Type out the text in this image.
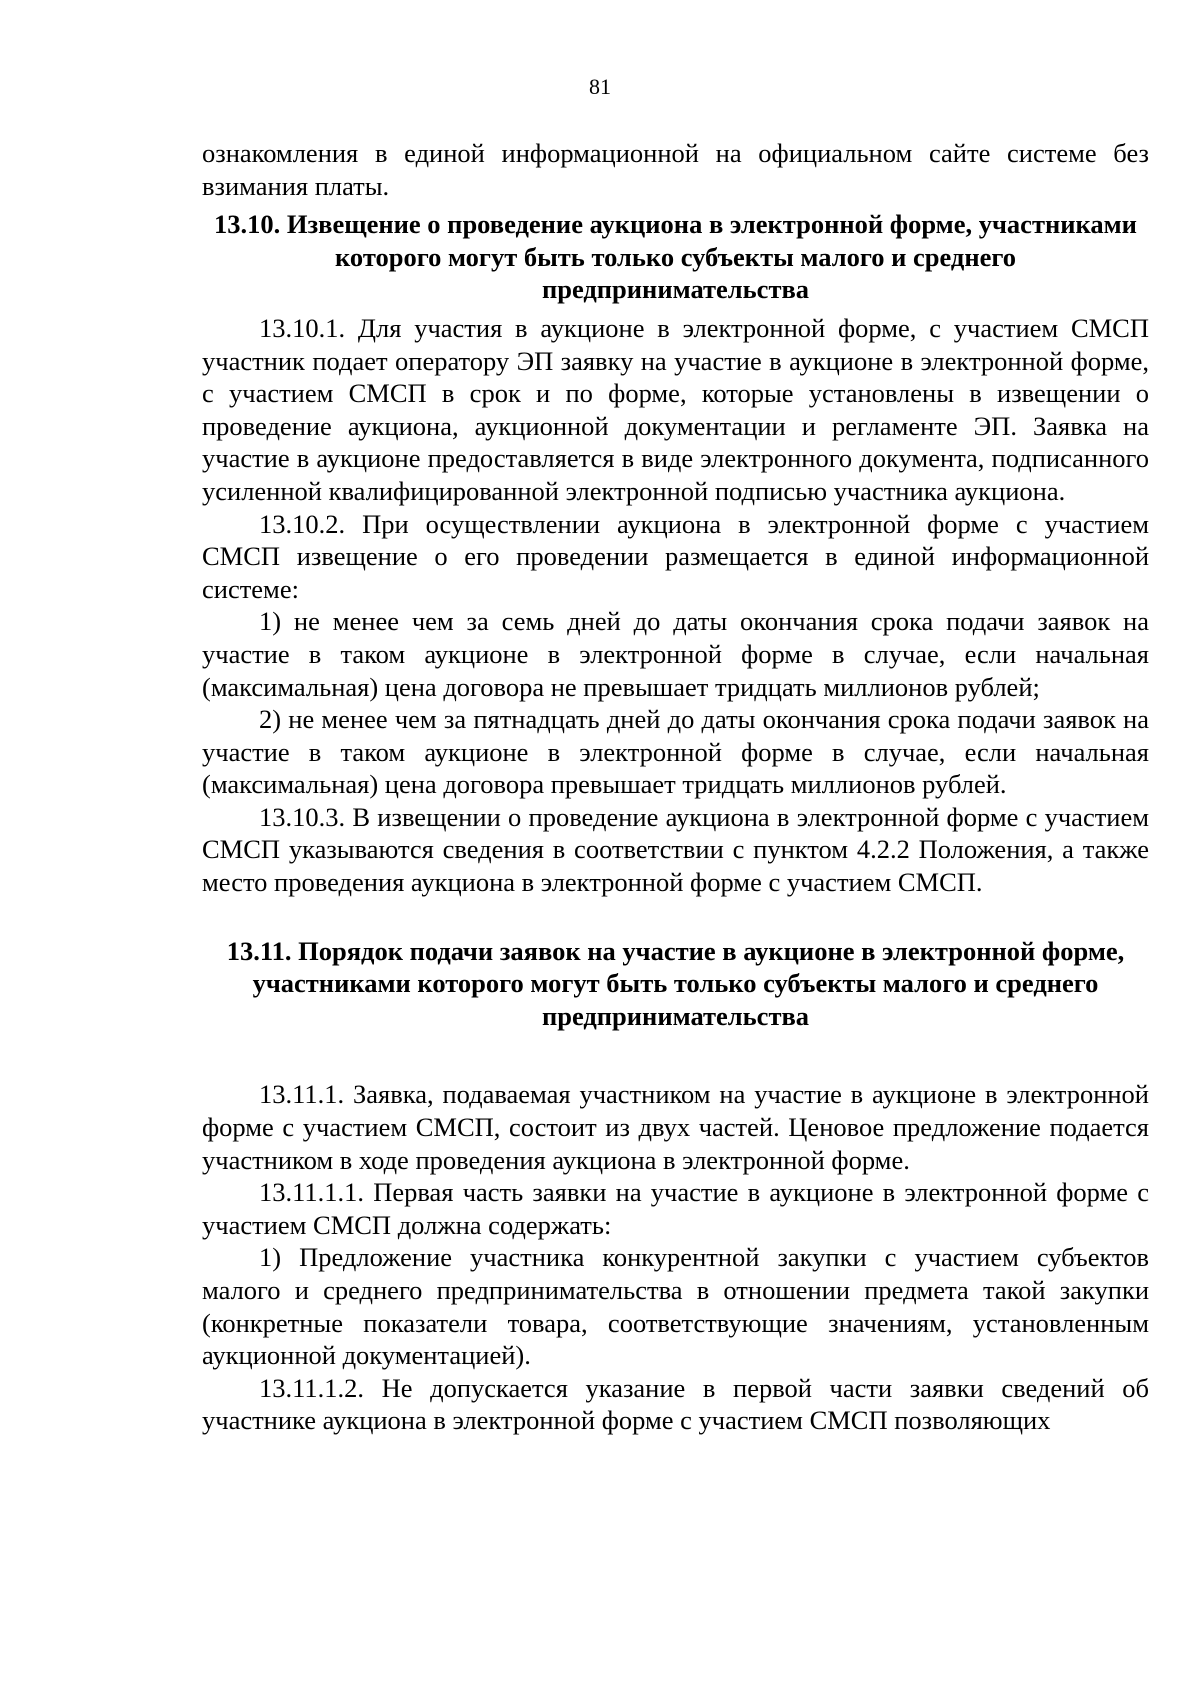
81

ознакомления в единой информационной на официальном сайте системе без взимания платы.

13.10. Извещение о проведение аукциона в электронной форме, участниками которого могут быть только субъекты малого и среднего предпринимательства

13.10.1. Для участия в аукционе в электронной форме, с участием СМСП участник подает оператору ЭП заявку на участие в аукционе в электронной форме, с участием СМСП в срок и по форме, которые установлены в извещении о проведение аукциона, аукционной документации и регламенте ЭП. Заявка на участие в аукционе предоставляется в виде электронного документа, подписанного усиленной квалифицированной электронной подписью участника аукциона.

13.10.2. При осуществлении аукциона в электронной форме с участием СМСП извещение о его проведении размещается в единой информационной системе:

1) не менее чем за семь дней до даты окончания срока подачи заявок на участие в таком аукционе в электронной форме в случае, если начальная (максимальная) цена договора не превышает тридцать миллионов рублей;

2) не менее чем за пятнадцать дней до даты окончания срока подачи заявок на участие в таком аукционе в электронной форме в случае, если начальная (максимальная) цена договора превышает тридцать миллионов рублей.

13.10.3. В извещении о проведение аукциона в электронной форме с участием СМСП указываются сведения в соответствии с пунктом 4.2.2 Положения, а также место проведения аукциона в электронной форме с участием СМСП.

13.11. Порядок подачи заявок на участие в аукционе в электронной форме, участниками которого могут быть только субъекты малого и среднего предпринимательства

13.11.1. Заявка, подаваемая участником на участие в аукционе в электронной форме с участием СМСП, состоит из двух частей. Ценовое предложение подается участником в ходе проведения аукциона в электронной форме.

13.11.1.1. Первая часть заявки на участие в аукционе в электронной форме с участием СМСП должна содержать:

1) Предложение участника конкурентной закупки с участием субъектов малого и среднего предпринимательства в отношении предмета такой закупки (конкретные показатели товара, соответствующие значениям, установленным аукционной документацией).

13.11.1.2. Не допускается указание в первой части заявки сведений об участнике аукциона в электронной форме с участием СМСП позволяющих
